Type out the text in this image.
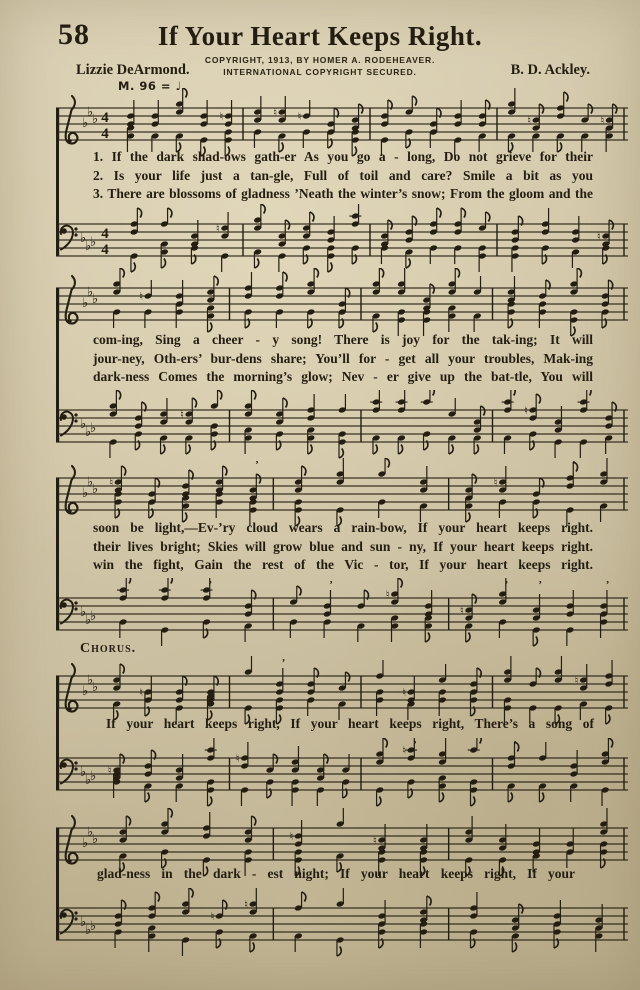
58	If Your Heart Keeps Right.
COPYRIGHT, 1913, BY HOMER A. RODEHEAVER.
INTERNATIONAL COPYRIGHT SECURED.
Lizzie DeArmond.	B. D. Ackley.
M. 96 = ♩
♭
♭
♭ 4
4
♮	♮ ♮	♮	♮
1. If the dark shad-ows gath-er As you go a - long, Do not grieve for their
2. Is your life just a tan-gle, Full of toil and care? Smile a bit as you
3. There are blossoms of gladness ’Neath the winter’s snow; From the gloom and the
♭
♭
♭
4
4
♮
♮
♭
♭
♭	♮
com-ing, Sing a cheer - y song! There is joy for the tak-ing; It will
jour-ney, Oth-ers’ bur-dens share; You’ll for - get all your troubles, Mak-ing
dark-ness Comes the morning’s glow; Nev - er give up the bat-tle, You will
♭
♭
♭
♮	♮
♭
♭
♭ ♮
’
♮
’
soon be light,—Ev-’ry cloud wears a rain-bow, If your heart keeps right.
their lives bright; Skies will grow blue and sun - ny, If your heart keeps right.
win the fight, Gain the rest of the Vic - tor, If your heart keeps right.
♭
♭
♭
’	’
♮
♮
’	’	’
Chorus.
♭
♭
♭	♮
’
♮
♮
If your heart keeps right, If your heart keeps right, There’s a song of
♭
♭
♭ ♮
♮
♮ ’	’
♭
♭
♭	♮	♮
glad-ness in the dark - est night; If your heart keeps right, If your
♭
♭
♭
♮
♮
